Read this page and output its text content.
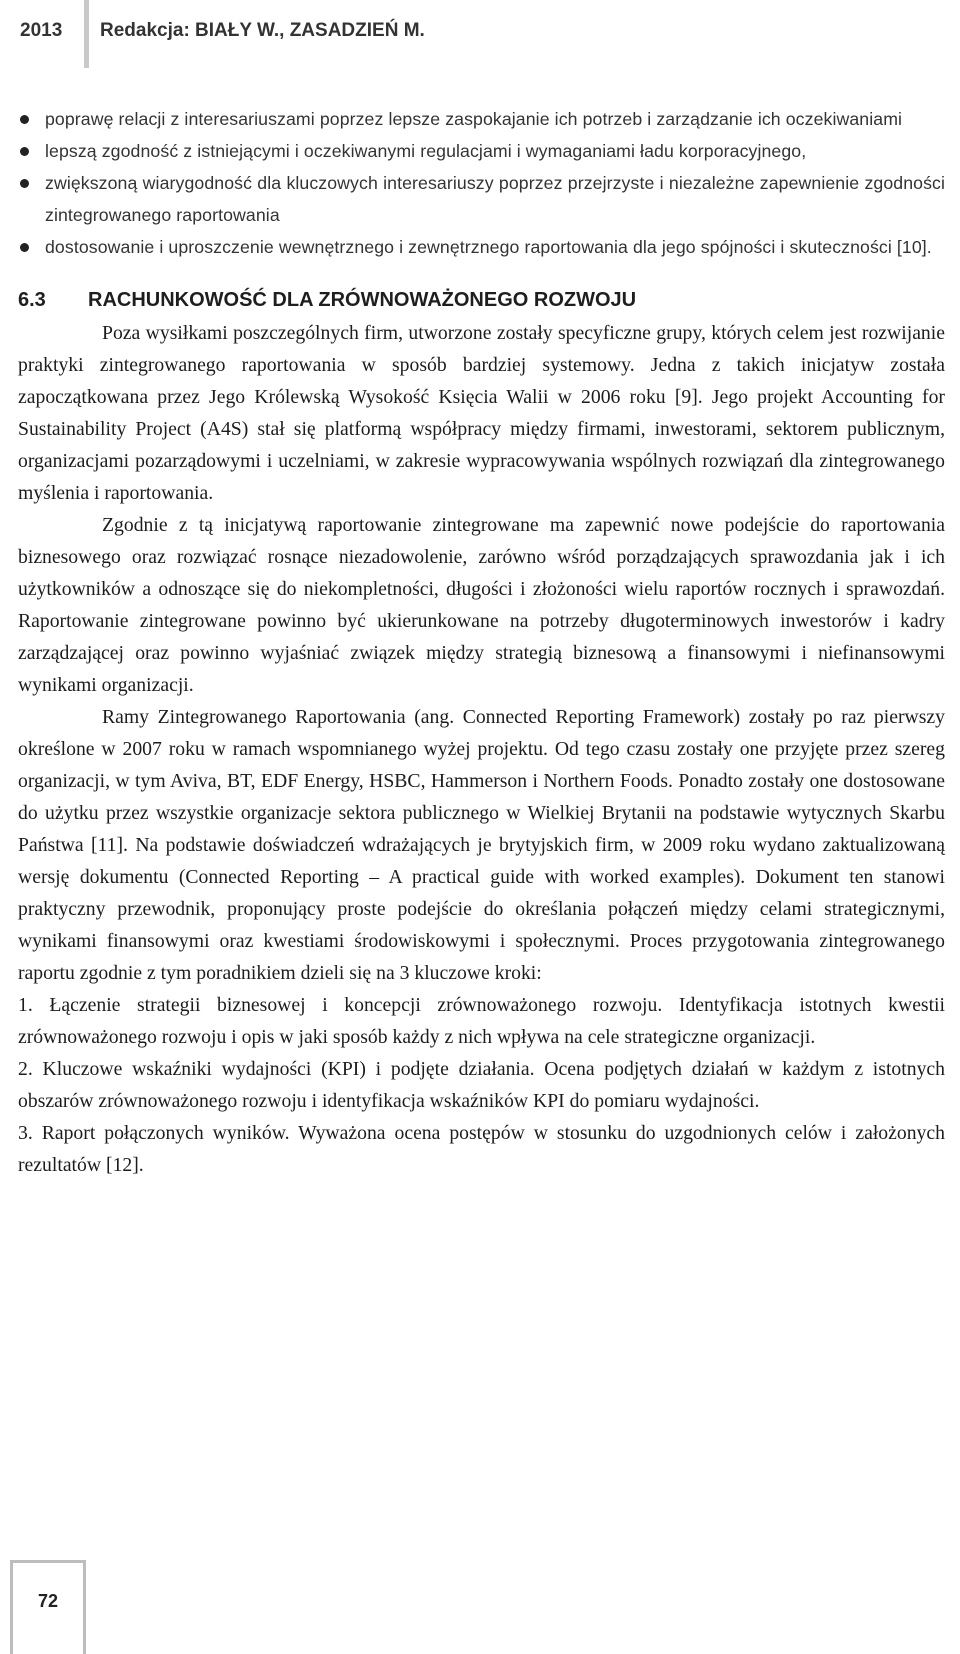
2013 Redakcja: BIAŁY W., ZASADZIEŃ M.
poprawę relacji z interesariuszami poprzez lepsze zaspokajanie ich potrzeb i zarządzanie ich oczekiwaniami
lepszą zgodność z istniejącymi i oczekiwanymi regulacjami i wymaganiami ładu korporacyjnego,
zwiększoną wiarygodność dla kluczowych interesariuszy poprzez przejrzyste i niezależne zapewnienie zgodności zintegrowanego raportowania
dostosowanie i uproszczenie wewnętrznego i zewnętrznego raportowania dla jego spójności i skuteczności [10].
6.3 RACHUNKOWOŚĆ DLA ZRÓWNOWAŻONEGO ROZWOJU

Poza wysiłkami poszczególnych firm, utworzone zostały specyficzne grupy, których celem jest rozwijanie praktyki zintegrowanego raportowania w sposób bardziej systemowy. Jedna z takich inicjatyw została zapoczątkowana przez Jego Królewską Wysokość Księcia Walii w 2006 roku [9]. Jego projekt Accounting for Sustainability Project (A4S) stał się platformą współpracy między firmami, inwestorami, sektorem publicznym, organizacjami pozarządowymi i uczelniami, w zakresie wypracowywania wspólnych rozwiązań dla zintegrowanego myślenia i raportowania.

Zgodnie z tą inicjatywą raportowanie zintegrowane ma zapewnić nowe podejście do raportowania biznesowego oraz rozwiązać rosnące niezadowolenie, zarówno wśród porządzających sprawozdania jak i ich użytkowników a odnoszące się do niekompletności, długości i złożoności wielu raportów rocznych i sprawozdań. Raportowanie zintegrowane powinno być ukierunkowane na potrzeby długoterminowych inwestorów i kadry zarządzającej oraz powinno wyjaśniać związek między strategią biznesową a finansowymi i niefinansowymi wynikami organizacji.

Ramy Zintegrowanego Raportowania (ang. Connected Reporting Framework) zostały po raz pierwszy określone w 2007 roku w ramach wspomnianego wyżej projektu. Od tego czasu zostały one przyjęte przez szereg organizacji, w tym Aviva, BT, EDF Energy, HSBC, Hammerson i Northern Foods. Ponadto zostały one dostosowane do użytku przez wszystkie organizacje sektora publicznego w Wielkiej Brytanii na podstawie wytycznych Skarbu Państwa [11]. Na podstawie doświadczeń wdrażających je brytyjskich firm, w 2009 roku wydano zaktualizowaną wersję dokumentu (Connected Reporting – A practical guide with worked examples). Dokument ten stanowi praktyczny przewodnik, proponujący proste podejście do określania połączeń między celami strategicznymi, wynikami finansowymi oraz kwestiami środowiskowymi i społecznymi. Proces przygotowania zintegrowanego raportu zgodnie z tym poradnikiem dzieli się na 3 kluczowe kroki:

1. Łączenie strategii biznesowej i koncepcji zrównoważonego rozwoju. Identyfikacja istotnych kwestii zrównoważonego rozwoju i opis w jaki sposób każdy z nich wpływa na cele strategiczne organizacji.

2. Kluczowe wskaźniki wydajności (KPI) i podjęte działania. Ocena podjętych działań w każdym z istotnych obszarów zrównoważonego rozwoju i identyfikacja wskaźników KPI do pomiaru wydajności.

3. Raport połączonych wyników. Wyważona ocena postępów w stosunku do uzgodnionych celów i założonych rezultatów [12].

72
